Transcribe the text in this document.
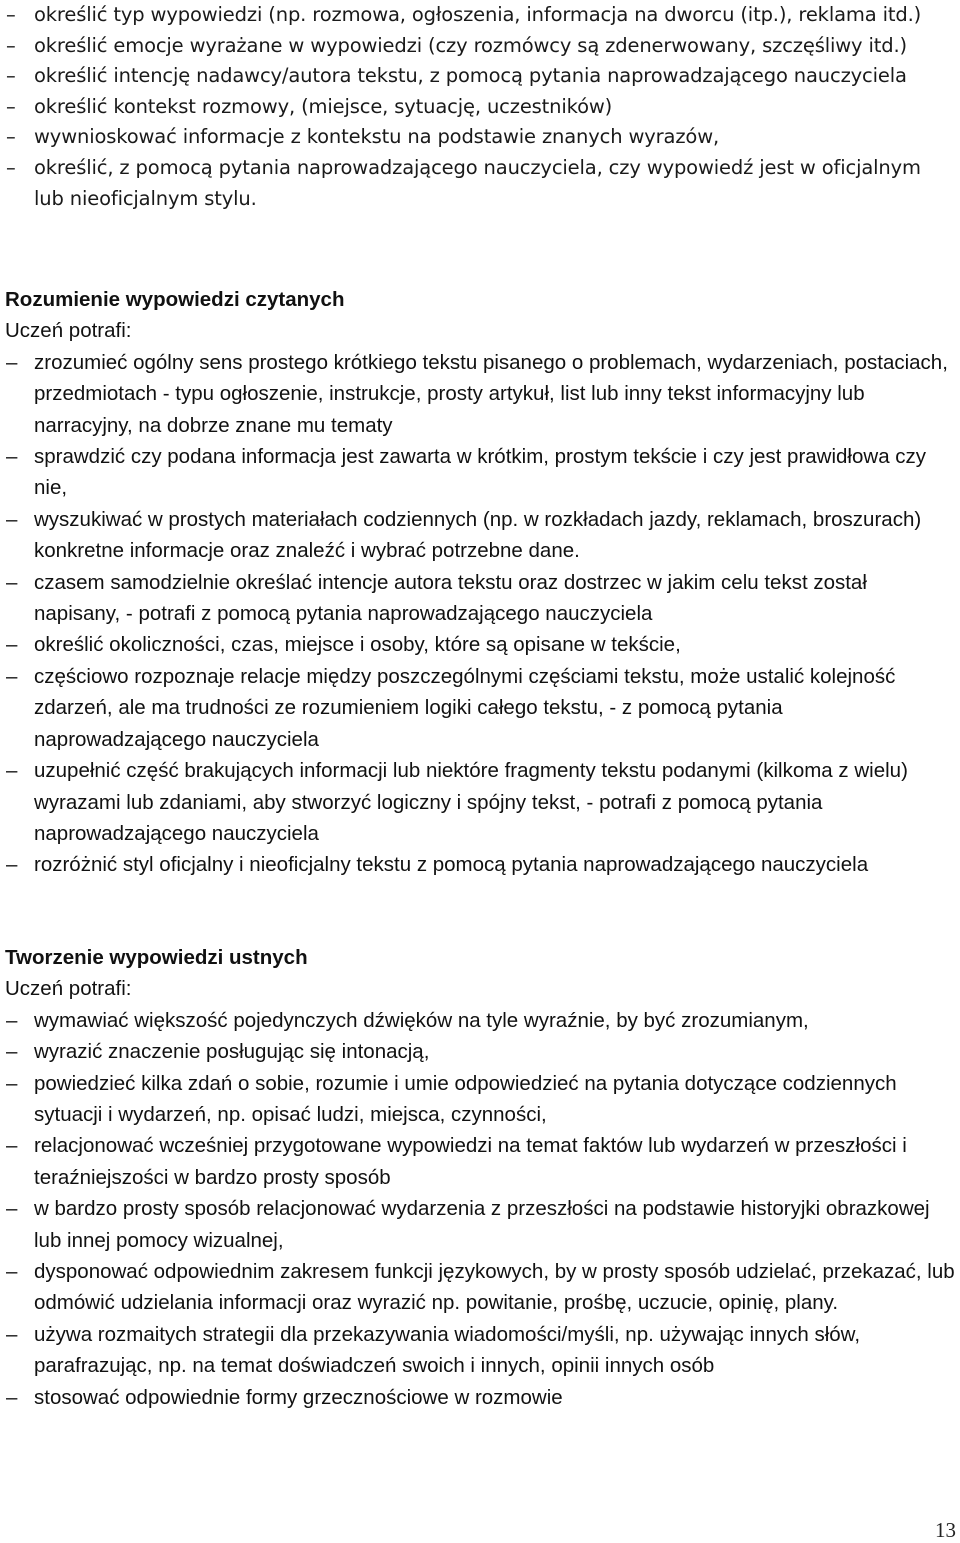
– określić typ wypowiedzi (np. rozmowa, ogłoszenia, informacja na dworcu (itp.), reklama itd.)
– określić emocje wyrażane w wypowiedzi (czy rozmówcy są zdenerwowany, szczęśliwy itd.)
– określić intencję nadawcy/autora tekstu, z pomocą pytania naprowadzającego nauczyciela
– określić kontekst rozmowy, (miejsce, sytuację, uczestników)
– wywnioskować informacje z kontekstu na podstawie znanych wyrazów,
– określić, z pomocą pytania naprowadzającego nauczyciela, czy wypowiedź jest w oficjalnym lub nieoficjalnym stylu.
Rozumienie wypowiedzi czytanych

Uczeń potrafi:

– zrozumieć ogólny sens prostego krótkiego tekstu pisanego o problemach, wydarzeniach, postaciach, przedmiotach - typu ogłoszenie, instrukcje, prosty artykuł, list lub inny tekst informacyjny lub narracyjny, na dobrze znane mu tematy
– sprawdzić czy podana informacja jest zawarta w krótkim, prostym tekście i czy jest prawidłowa czy nie,
– wyszukiwać w prostych materiałach codziennych (np. w rozkładach jazdy, reklamach, broszurach) konkretne informacje oraz znaleźć i wybrać potrzebne dane.
– czasem samodzielnie określać intencje autora tekstu oraz dostrzec w jakim celu tekst został napisany, - potrafi z pomocą pytania naprowadzającego nauczyciela
– określić okoliczności, czas, miejsce i osoby, które są opisane w tekście,
– częściowo rozpoznaje relacje między poszczególnymi częściami tekstu, może ustalić kolejność zdarzeń, ale ma trudności ze rozumieniem logiki całego tekstu, - z pomocą pytania naprowadzającego nauczyciela
– uzupełnić część brakujących informacji lub niektóre fragmenty tekstu podanymi (kilkoma z wielu) wyrazami lub zdaniami, aby stworzyć logiczny i spójny tekst, - potrafi z pomocą pytania naprowadzającego nauczyciela
– rozróżnić styl oficjalny i nieoficjalny tekstu z pomocą pytania naprowadzającego nauczyciela
Tworzenie wypowiedzi ustnych

Uczeń potrafi:

– wymawiać większość pojedynczych dźwięków na tyle wyraźnie, by być zrozumianym,
– wyrazić znaczenie posługując się intonacją,
– powiedzieć kilka zdań o sobie, rozumie i umie odpowiedzieć na pytania dotyczące codziennych sytuacji i wydarzeń, np. opisać ludzi, miejsca, czynności,
– relacjonować wcześniej przygotowane wypowiedzi na temat faktów lub wydarzeń w przeszłości i teraźniejszości w bardzo prosty sposób
– w bardzo prosty sposób relacjonować wydarzenia z przeszłości na podstawie historyjki obrazkowej lub innej pomocy wizualnej,
– dysponować odpowiednim zakresem funkcji językowych, by w prosty sposób udzielać, przekazać, lub odmówić udzielania informacji oraz wyrazić np. powitanie, prośbę, uczucie, opinię, plany.
– używa rozmaitych strategii dla przekazywania wiadomości/myśli, np. używając innych słów, parafrazując, np. na temat doświadczeń swoich i innych, opinii innych osób
– stosować odpowiednie formy grzecznościowe w rozmowie
13
